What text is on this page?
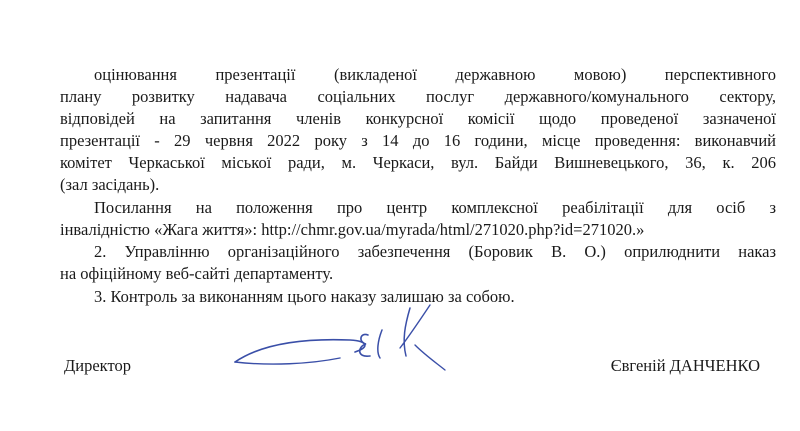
оцінювання презентації (викладеної державною мовою) перспективного
плану розвитку надавача соціальних послуг державного/комунального сектору,
відповідей на запитання членів конкурсної комісії щодо проведеної зазначеної
презентації - 29 червня 2022 року з 14 до 16 години, місце проведення: виконавчий
комітет Черкаської міської ради, м. Черкаси, вул. Байди Вишневецького, 36, к. 206
(зал засідань).

Посилання на положення про центр комплексної реабілітації для осіб з
інвалідністю «Жага життя»: http://chmr.gov.ua/myrada/html/271020.php?id=271020.»

2. Управлінню організаційного забезпечення (Боровик В. О.) оприлюднити наказ
на офіційному веб-сайті департаменту.

3. Контроль за виконанням цього наказу залишаю за собою.

Директор	Євгеній ДАНЧЕНКО
